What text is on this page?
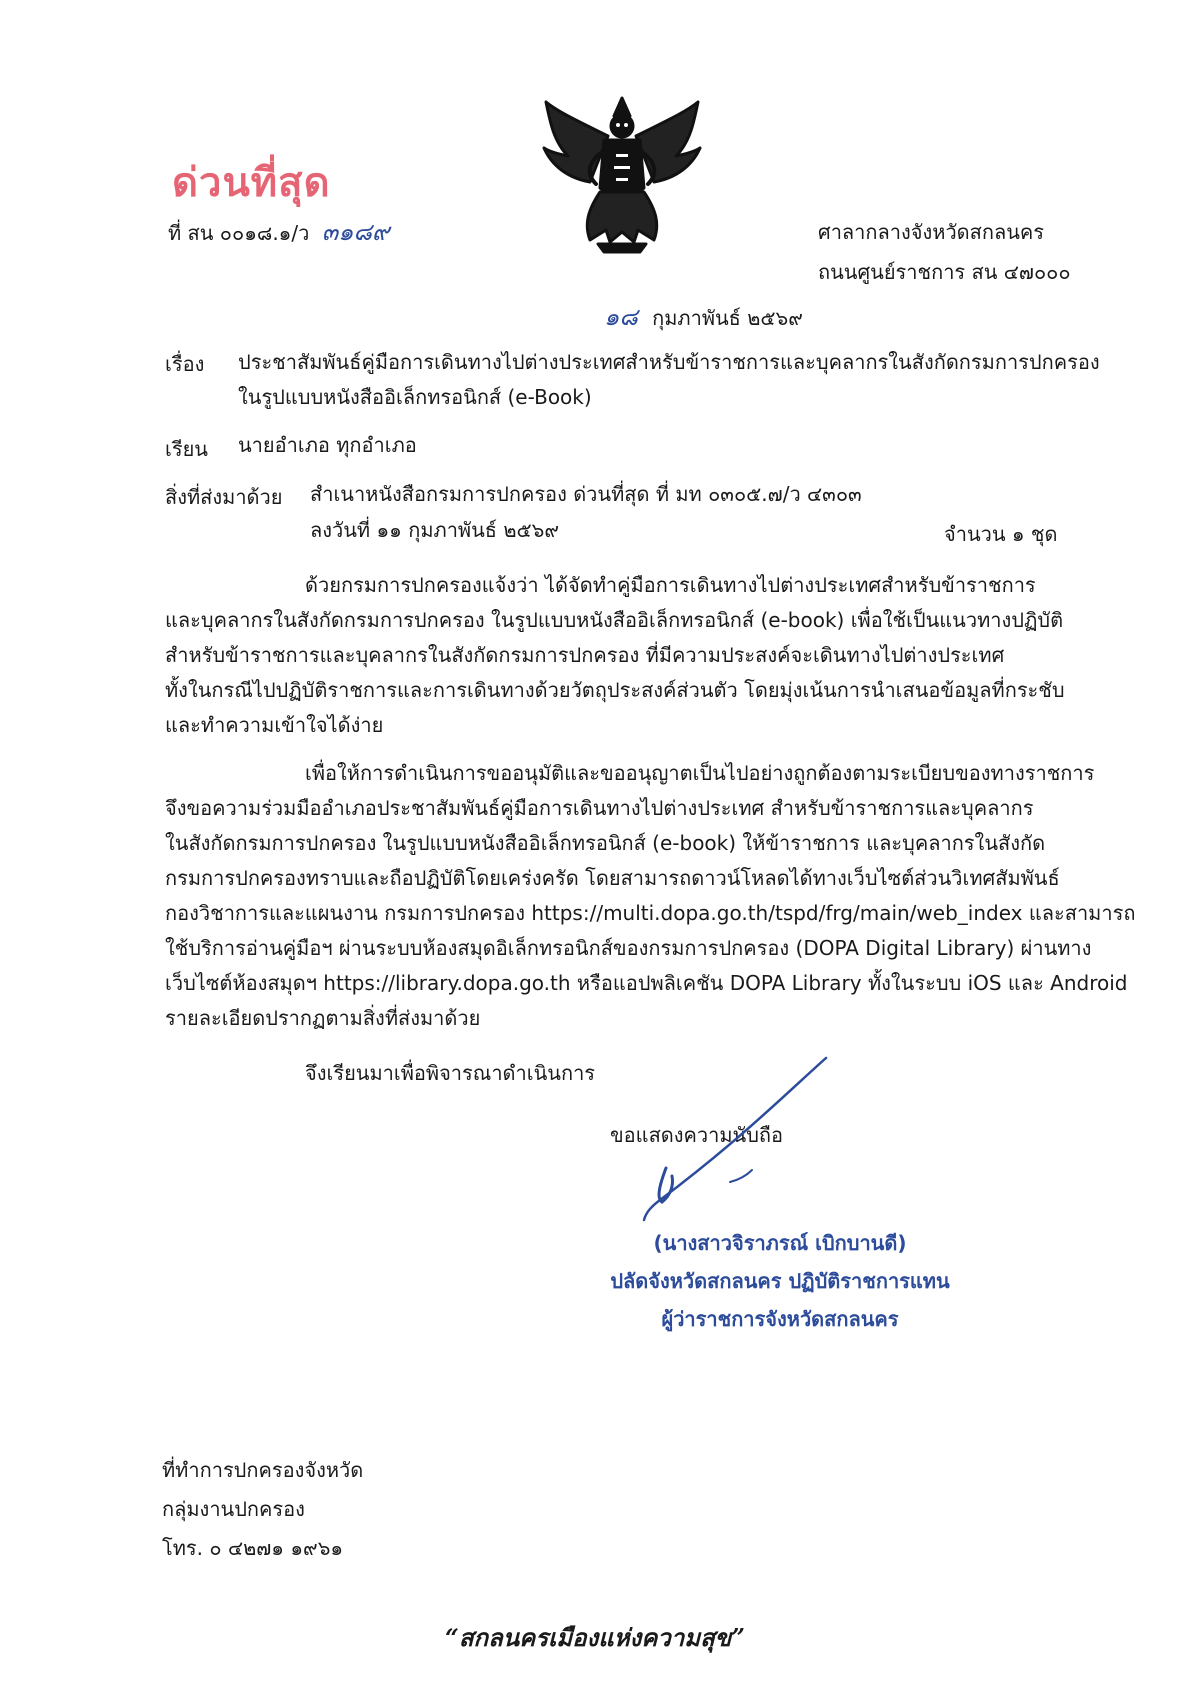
ด่วนที่สุด
ที่ สน ๐๐๑๘.๑/ว ๓๑๘๙	ศาลากลางจังหวัดสกลนคร
ถนนศูนย์ราชการ สน ๔๗๐๐๐
๑๘ กุมภาพันธ์ ๒๕๖๙
เรื่อง ประชาสัมพันธ์คู่มือการเดินทางไปต่างประเทศสำหรับข้าราชการและบุคลากรในสังกัดกรมการปกครอง
ในรูปแบบหนังสืออิเล็กทรอนิกส์ (e-Book)
เรียน นายอำเภอ ทุกอำเภอ
สิ่งที่ส่งมาด้วย สำเนาหนังสือกรมการปกครอง ด่วนที่สุด ที่ มท ๐๓๐๕.๗/ว ๔๓๐๓
ลงวันที่ ๑๑ กุมภาพันธ์ ๒๕๖๙	จำนวน ๑ ชุด
ด้วยกรมการปกครองแจ้งว่า ได้จัดทำคู่มือการเดินทางไปต่างประเทศสำหรับข้าราชการ
และบุคลากรในสังกัดกรมการปกครอง ในรูปแบบหนังสืออิเล็กทรอนิกส์ (e-book) เพื่อใช้เป็นแนวทางปฏิบัติ
สำหรับข้าราชการและบุคลากรในสังกัดกรมการปกครอง ที่มีความประสงค์จะเดินทางไปต่างประเทศ
ทั้งในกรณีไปปฏิบัติราชการและการเดินทางด้วยวัตถุประสงค์ส่วนตัว โดยมุ่งเน้นการนำเสนอข้อมูลที่กระชับ
และทำความเข้าใจได้ง่าย
เพื่อให้การดำเนินการขออนุมัติและขออนุญาตเป็นไปอย่างถูกต้องตามระเบียบของทางราชการ
จึงขอความร่วมมืออำเภอประชาสัมพันธ์คู่มือการเดินทางไปต่างประเทศ สำหรับข้าราชการและบุคลากร
ในสังกัดกรมการปกครอง ในรูปแบบหนังสืออิเล็กทรอนิกส์ (e-book) ให้ข้าราชการ และบุคลากรในสังกัด
กรมการปกครองทราบและถือปฏิบัติโดยเคร่งครัด โดยสามารถดาวน์โหลดได้ทางเว็บไซต์ส่วนวิเทศสัมพันธ์
กองวิชาการและแผนงาน กรมการปกครอง https://multi.dopa.go.th/tspd/frg/main/web_index และสามารถ
ใช้บริการอ่านคู่มือฯ ผ่านระบบห้องสมุดอิเล็กทรอนิกส์ของกรมการปกครอง (DOPA Digital Library) ผ่านทาง
เว็บไซต์ห้องสมุดฯ https://library.dopa.go.th หรือแอปพลิเคชัน DOPA Library ทั้งในระบบ iOS และ Android
รายละเอียดปรากฏตามสิ่งที่ส่งมาด้วย
จึงเรียนมาเพื่อพิจารณาดำเนินการ
ขอแสดงความนับถือ
(นางสาวจิราภรณ์ เบิกบานดี)
ปลัดจังหวัดสกลนคร ปฏิบัติราชการแทน
ผู้ว่าราชการจังหวัดสกลนคร
ที่ทำการปกครองจังหวัด
กลุ่มงานปกครอง
โทร. ๐ ๔๒๗๑ ๑๙๖๑
“สกลนครเมืองแห่งความสุข”
